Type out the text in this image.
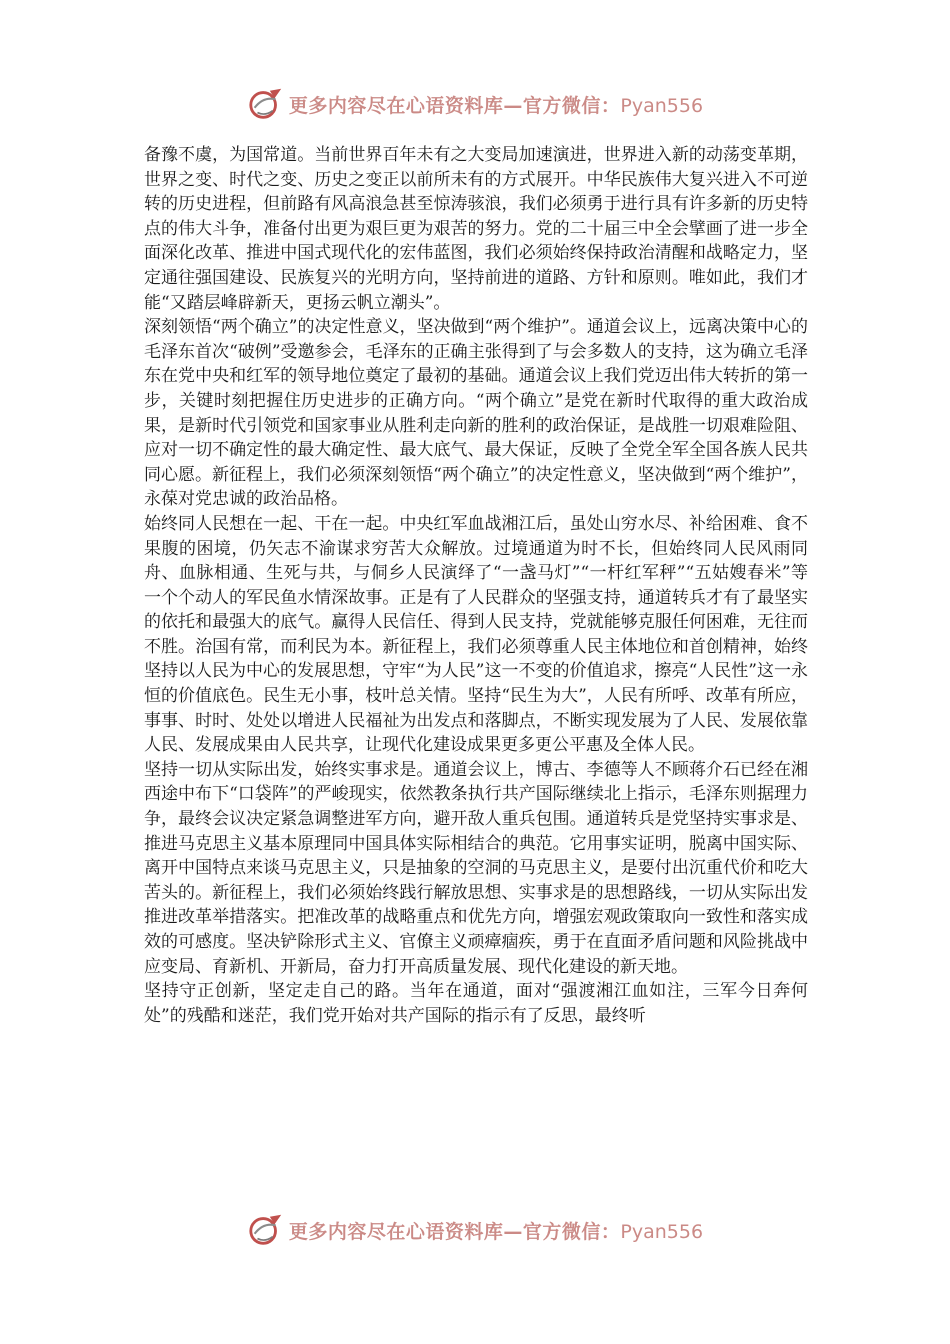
更多内容尽在心语资料库—官方微信：Pyan556

备豫不虞，为国常道。当前世界百年未有之大变局加速演进，世界进入新的动荡变革期，世界之变、时代之变、历史之变正以前所未有的方式展开。中华民族伟大复兴进入不可逆转的历史进程，但前路有风高浪急甚至惊涛骇浪，我们必须勇于进行具有许多新的历史特点的伟大斗争，准备付出更为艰巨更为艰苦的努力。党的二十届三中全会擘画了进一步全面深化改革、推进中国式现代化的宏伟蓝图，我们必须始终保持政治清醒和战略定力，坚定通往强国建设、民族复兴的光明方向，坚持前进的道路、方针和原则。唯如此，我们才能“又踏层峰辟新天，更扬云帆立潮头”。

深刻领悟“两个确立”的决定性意义，坚决做到“两个维护”。通道会议上，远离决策中心的毛泽东首次“破例”受邀参会，毛泽东的正确主张得到了与会多数人的支持，这为确立毛泽东在党中央和红军的领导地位奠定了最初的基础。通道会议上我们党迈出伟大转折的第一步，关键时刻把握住历史进步的正确方向。“两个确立”是党在新时代取得的重大政治成果，是新时代引领党和国家事业从胜利走向新的胜利的政治保证，是战胜一切艰难险阻、应对一切不确定性的最大确定性、最大底气、最大保证，反映了全党全军全国各族人民共同心愿。新征程上，我们必须深刻领悟“两个确立”的决定性意义，坚决做到“两个维护”，永葆对党忠诚的政治品格。

始终同人民想在一起、干在一起。中央红军血战湘江后，虽处山穷水尽、补给困难、食不果腹的困境，仍矢志不渝谋求穷苦大众解放。过境通道为时不长，但始终同人民风雨同舟、血脉相通、生死与共，与侗乡人民演绎了“一盏马灯”“一杆红军秤”“五姑嫂春米”等一个个动人的军民鱼水情深故事。正是有了人民群众的坚强支持，通道转兵才有了最坚实的依托和最强大的底气。赢得人民信任、得到人民支持，党就能够克服任何困难，无往而不胜。治国有常，而利民为本。新征程上，我们必须尊重人民主体地位和首创精神，始终坚持以人民为中心的发展思想，守牢“为人民”这一不变的价值追求，擦亮“人民性”这一永恒的价值底色。民生无小事，枝叶总关情。坚持“民生为大”，人民有所呼、改革有所应，事事、时时、处处以增进人民福祉为出发点和落脚点，不断实现发展为了人民、发展依靠人民、发展成果由人民共享，让现代化建设成果更多更公平惠及全体人民。

坚持一切从实际出发，始终实事求是。通道会议上，博古、李德等人不顾蒋介石已经在湘西途中布下“口袋阵”的严峻现实，依然教条执行共产国际继续北上指示，毛泽东则据理力争，最终会议决定紧急调整进军方向，避开敌人重兵包围。通道转兵是党坚持实事求是、推进马克思主义基本原理同中国具体实际相结合的典范。它用事实证明，脱离中国实际、离开中国特点来谈马克思主义，只是抽象的空洞的马克思主义，是要付出沉重代价和吃大苦头的。新征程上，我们必须始终践行解放思想、实事求是的思想路线，一切从实际出发推进改革举措落实。把准改革的战略重点和优先方向，增强宏观政策取向一致性和落实成效的可感度。坚决铲除形式主义、官僚主义顽瘴痼疾，勇于在直面矛盾问题和风险挑战中应变局、育新机、开新局，奋力打开高质量发展、现代化建设的新天地。

坚持守正创新，坚定走自己的路。当年在通道，面对“强渡湘江血如注，三军今日奔何处”的残酷和迷茫，我们党开始对共产国际的指示有了反思，最终听

更多内容尽在心语资料库—官方微信：Pyan556
